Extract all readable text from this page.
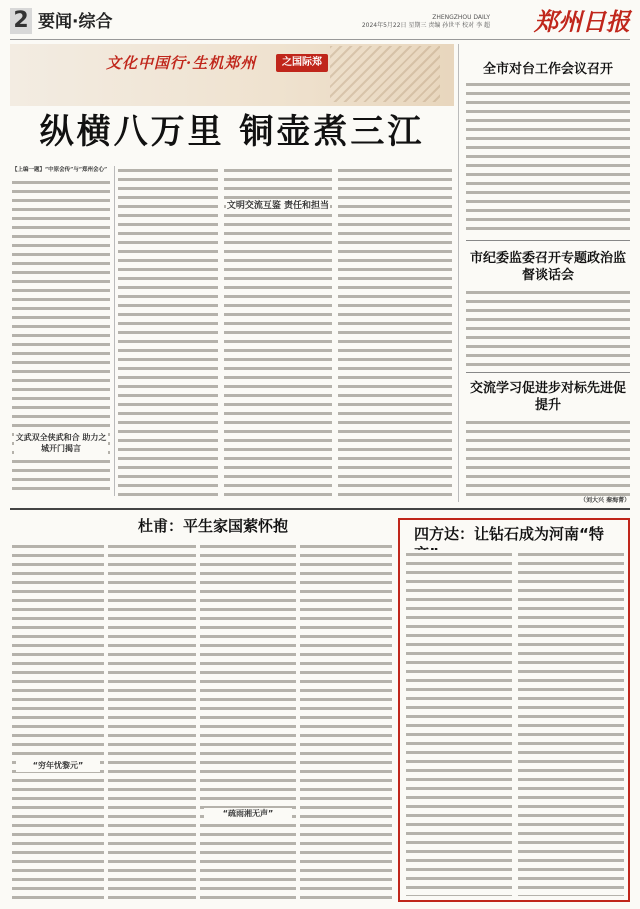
2 要闻·综合	ZHENGZHOU DAILY
2024年5月22日 星期三 责编 孙世平 校对 李 超 郑州日报
文化中国行·生机郑州	之国际郑
纵横八万里 铜壶煮三江
【上编一题】“中原会传”与“郑州会心”
文明交流互鉴 责任和担当
文武双全侠武和合 助力之城开门揭言
全市对台工作会议召开
市纪委监委召开专题政治监督谈话会
交流学习促进步对标先进促提升
（刘大兴 秦海菁）
杜甫：平生家国萦怀抱
“穷年忧黎元”
“疏雨湘无声”
四方达：让钻石成为河南“特
